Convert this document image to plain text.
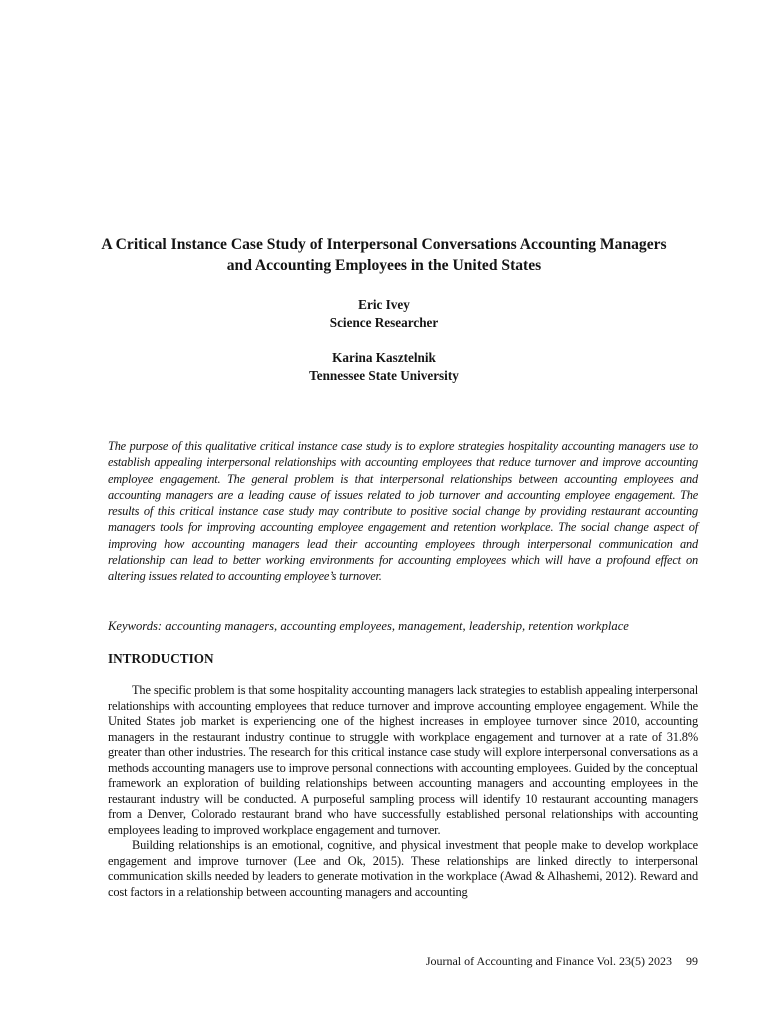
A Critical Instance Case Study of Interpersonal Conversations Accounting Managers and Accounting Employees in the United States
Eric Ivey
Science Researcher
Karina Kasztelnik
Tennessee State University

The purpose of this qualitative critical instance case study is to explore strategies hospitality accounting managers use to establish appealing interpersonal relationships with accounting employees that reduce turnover and improve accounting employee engagement. The general problem is that interpersonal relationships between accounting employees and accounting managers are a leading cause of issues related to job turnover and accounting employee engagement. The results of this critical instance case study may contribute to positive social change by providing restaurant accounting managers tools for improving accounting employee engagement and retention workplace. The social change aspect of improving how accounting managers lead their accounting employees through interpersonal communication and relationship can lead to better working environments for accounting employees which will have a profound effect on altering issues related to accounting employee’s turnover.

Keywords: accounting managers, accounting employees, management, leadership, retention workplace

INTRODUCTION

The specific problem is that some hospitality accounting managers lack strategies to establish appealing interpersonal relationships with accounting employees that reduce turnover and improve accounting employee engagement. While the United States job market is experiencing one of the highest increases in employee turnover since 2010, accounting managers in the restaurant industry continue to struggle with workplace engagement and turnover at a rate of 31.8% greater than other industries. The research for this critical instance case study will explore interpersonal conversations as a methods accounting managers use to improve personal connections with accounting employees. Guided by the conceptual framework an exploration of building relationships between accounting managers and accounting employees in the restaurant industry will be conducted. A purposeful sampling process will identify 10 restaurant accounting managers from a Denver, Colorado restaurant brand who have successfully established personal relationships with accounting employees leading to improved workplace engagement and turnover.

Building relationships is an emotional, cognitive, and physical investment that people make to develop workplace engagement and improve turnover (Lee and Ok, 2015). These relationships are linked directly to interpersonal communication skills needed by leaders to generate motivation in the workplace (Awad & Alhashemi, 2012). Reward and cost factors in a relationship between accounting managers and accounting

Journal of Accounting and Finance Vol. 23(5) 2023 99
